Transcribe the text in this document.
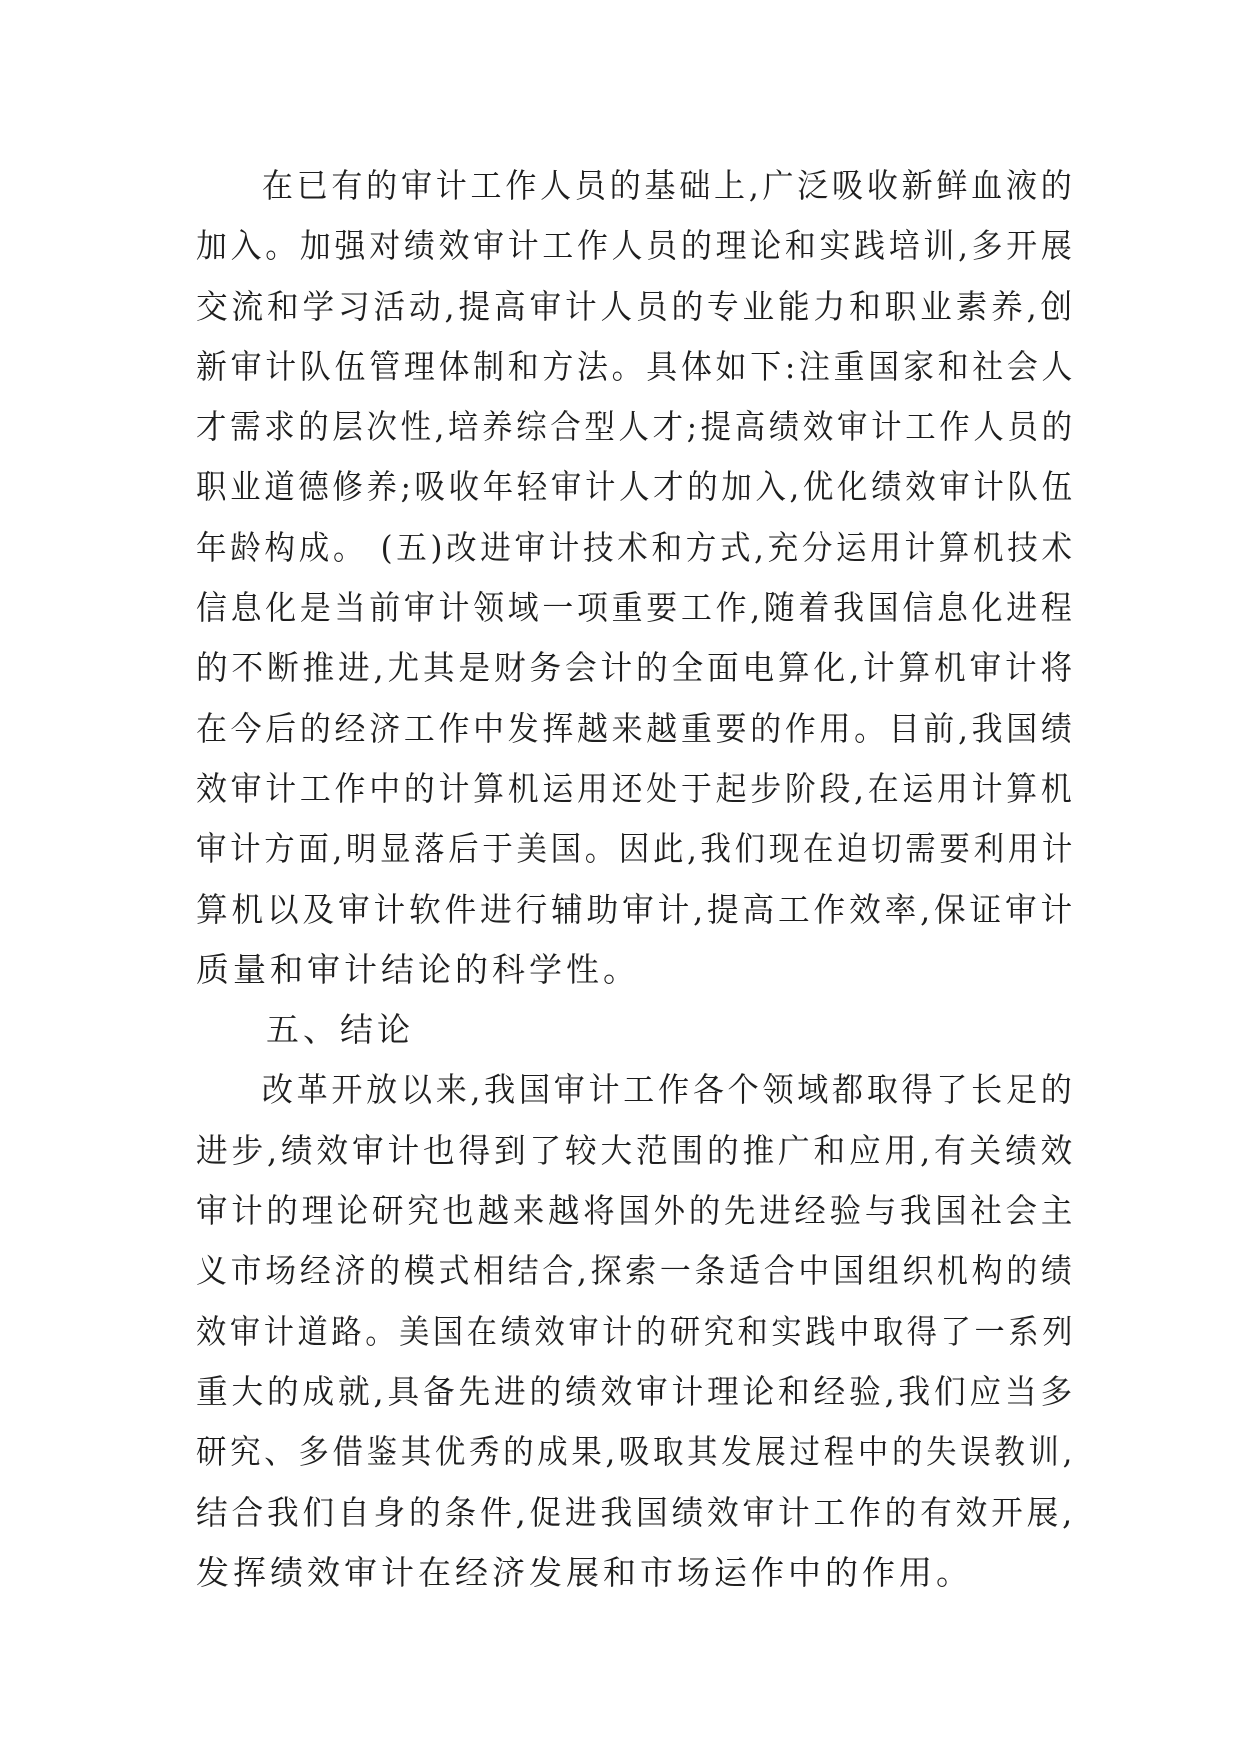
在已有的审计工作人员的基础上,广泛吸收新鲜血液的
加入。加强对绩效审计工作人员的理论和实践培训,多开展
交流和学习活动,提高审计人员的专业能力和职业素养,创
新审计队伍管理体制和方法。具体如下:注重国家和社会人
才需求的层次性,培养综合型人才;提高绩效审计工作人员的
职业道德修养;吸收年轻审计人才的加入,优化绩效审计队伍
年龄构成。 (五)改进审计技术和方式,充分运用计算机技术
信息化是当前审计领域一项重要工作,随着我国信息化进程
的不断推进,尤其是财务会计的全面电算化,计算机审计将
在今后的经济工作中发挥越来越重要的作用。目前,我国绩
效审计工作中的计算机运用还处于起步阶段,在运用计算机
审计方面,明显落后于美国。因此,我们现在迫切需要利用计
算机以及审计软件进行辅助审计,提高工作效率,保证审计
质量和审计结论的科学性。
五、结论
改革开放以来,我国审计工作各个领域都取得了长足的
进步,绩效审计也得到了较大范围的推广和应用,有关绩效
审计的理论研究也越来越将国外的先进经验与我国社会主
义市场经济的模式相结合,探索一条适合中国组织机构的绩
效审计道路。美国在绩效审计的研究和实践中取得了一系列
重大的成就,具备先进的绩效审计理论和经验,我们应当多
研究、多借鉴其优秀的成果,吸取其发展过程中的失误教训,
结合我们自身的条件,促进我国绩效审计工作的有效开展,
发挥绩效审计在经济发展和市场运作中的作用。
